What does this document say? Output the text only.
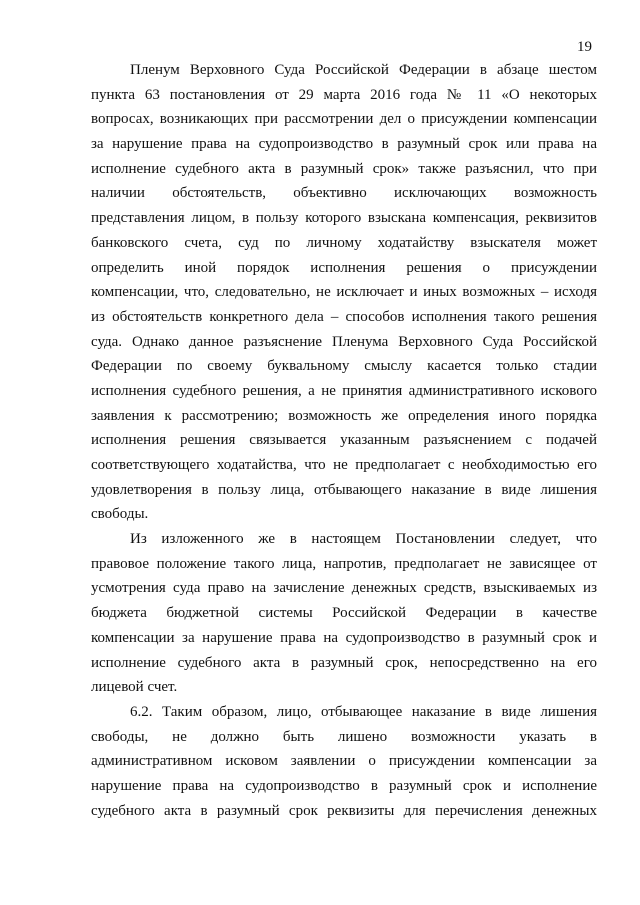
19
Пленум Верховного Суда Российской Федерации в абзаце шестом
пункта 63 постановления от 29 марта 2016 года № 11 «О некоторых
вопросах, возникающих при рассмотрении дел о присуждении компенсации
за нарушение права на судопроизводство в разумный срок или права на
исполнение судебного акта в разумный срок» также разъяснил, что при
наличии обстоятельств, объективно исключающих возможность
представления лицом, в пользу которого взыскана компенсация, реквизитов
банковского счета, суд по личному ходатайству взыскателя может
определить иной порядок исполнения решения о присуждении
компенсации, что, следовательно, не исключает и иных возможных – исходя
из обстоятельств конкретного дела – способов исполнения такого решения
суда. Однако данное разъяснение Пленума Верховного Суда Российской
Федерации по своему буквальному смыслу касается только стадии
исполнения судебного решения, а не принятия административного искового
заявления к рассмотрению; возможность же определения иного порядка
исполнения решения связывается указанным разъяснением с подачей
соответствующего ходатайства, что не предполагает с необходимостью его
удовлетворения в пользу лица, отбывающего наказание в виде лишения
свободы.
Из изложенного же в настоящем Постановлении следует, что
правовое положение такого лица, напротив, предполагает не зависящее от
усмотрения суда право на зачисление денежных средств, взыскиваемых из
бюджета бюджетной системы Российской Федерации в качестве
компенсации за нарушение права на судопроизводство в разумный срок и
исполнение судебного акта в разумный срок, непосредственно на его
лицевой счет.
6.2. Таким образом, лицо, отбывающее наказание в виде лишения
свободы, не должно быть лишено возможности указать в
административном исковом заявлении о присуждении компенсации за
нарушение права на судопроизводство в разумный срок и исполнение
судебного акта в разумный срок реквизиты для перечисления денежных
